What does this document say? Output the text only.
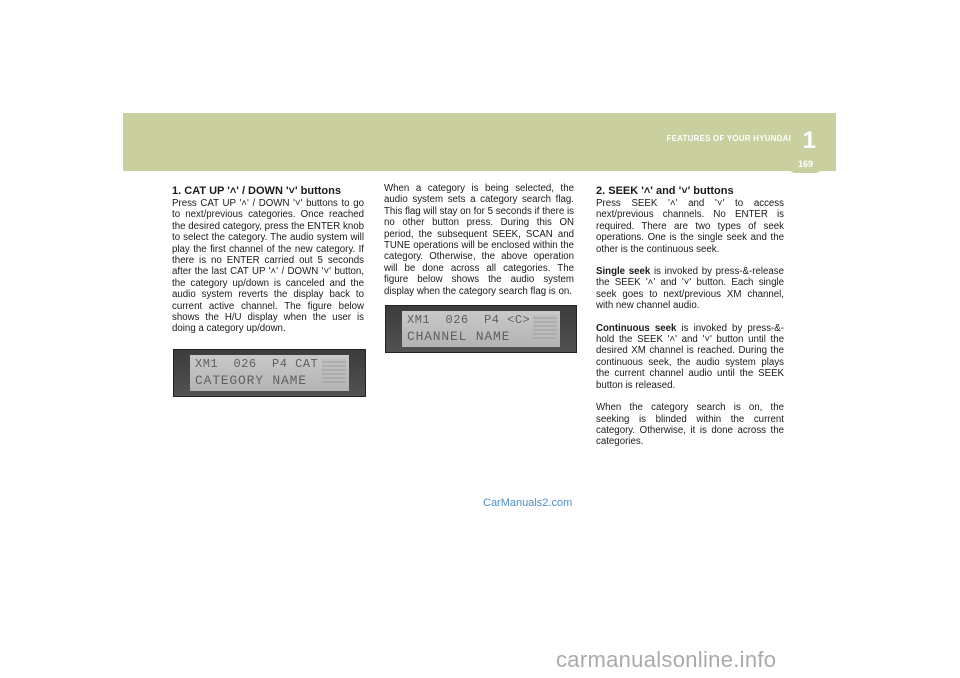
FEATURES OF YOUR HYUNDAI 1
169
1. CAT UP '˄' / DOWN '˅' buttons
Press CAT UP '˄' / DOWN '˅' buttons to go to next/previous categories. Once reached the desired category, press the ENTER knob to select the category. The audio system will play the first channel of the new category. If there is no ENTER carried out 5 seconds after the last CAT UP '˄' / DOWN '˅' button, the category up/down is canceled and the audio system reverts the display back to current active channel. The figure below shows the H/U display when the user is doing a category up/down.
XM1  026  P4 CAT
CATEGORY NAME
When a category is being selected, the audio system sets a category search flag. This flag will stay on for 5 seconds if there is no other button press. During this ON period, the subsequent SEEK, SCAN and TUNE operations will be enclosed within the category. Otherwise, the above operation will be done across all categories. The figure below shows the audio system display when the category search flag is on.
XM1  026  P4 <C>
CHANNEL NAME
2. SEEK '˄' and '˅' buttons
Press SEEK '˄' and '˅' to access next/previous channels. No ENTER is required. There are two types of seek operations. One is the single seek and the other is the continuous seek.
Single seek is invoked by press-&-release the SEEK '˄' and '˅' button. Each single seek goes to next/previous XM channel, with new channel audio.
Continuous seek is invoked by press-&-hold the SEEK '˄' and '˅' button until the desired XM channel is reached. During the continuous seek, the audio system plays the current channel audio until the SEEK button is released.
When the category search is on, the seeking is blinded within the current category. Otherwise, it is done across the categories.
CarManuals2.com
carmanualsonline.info
